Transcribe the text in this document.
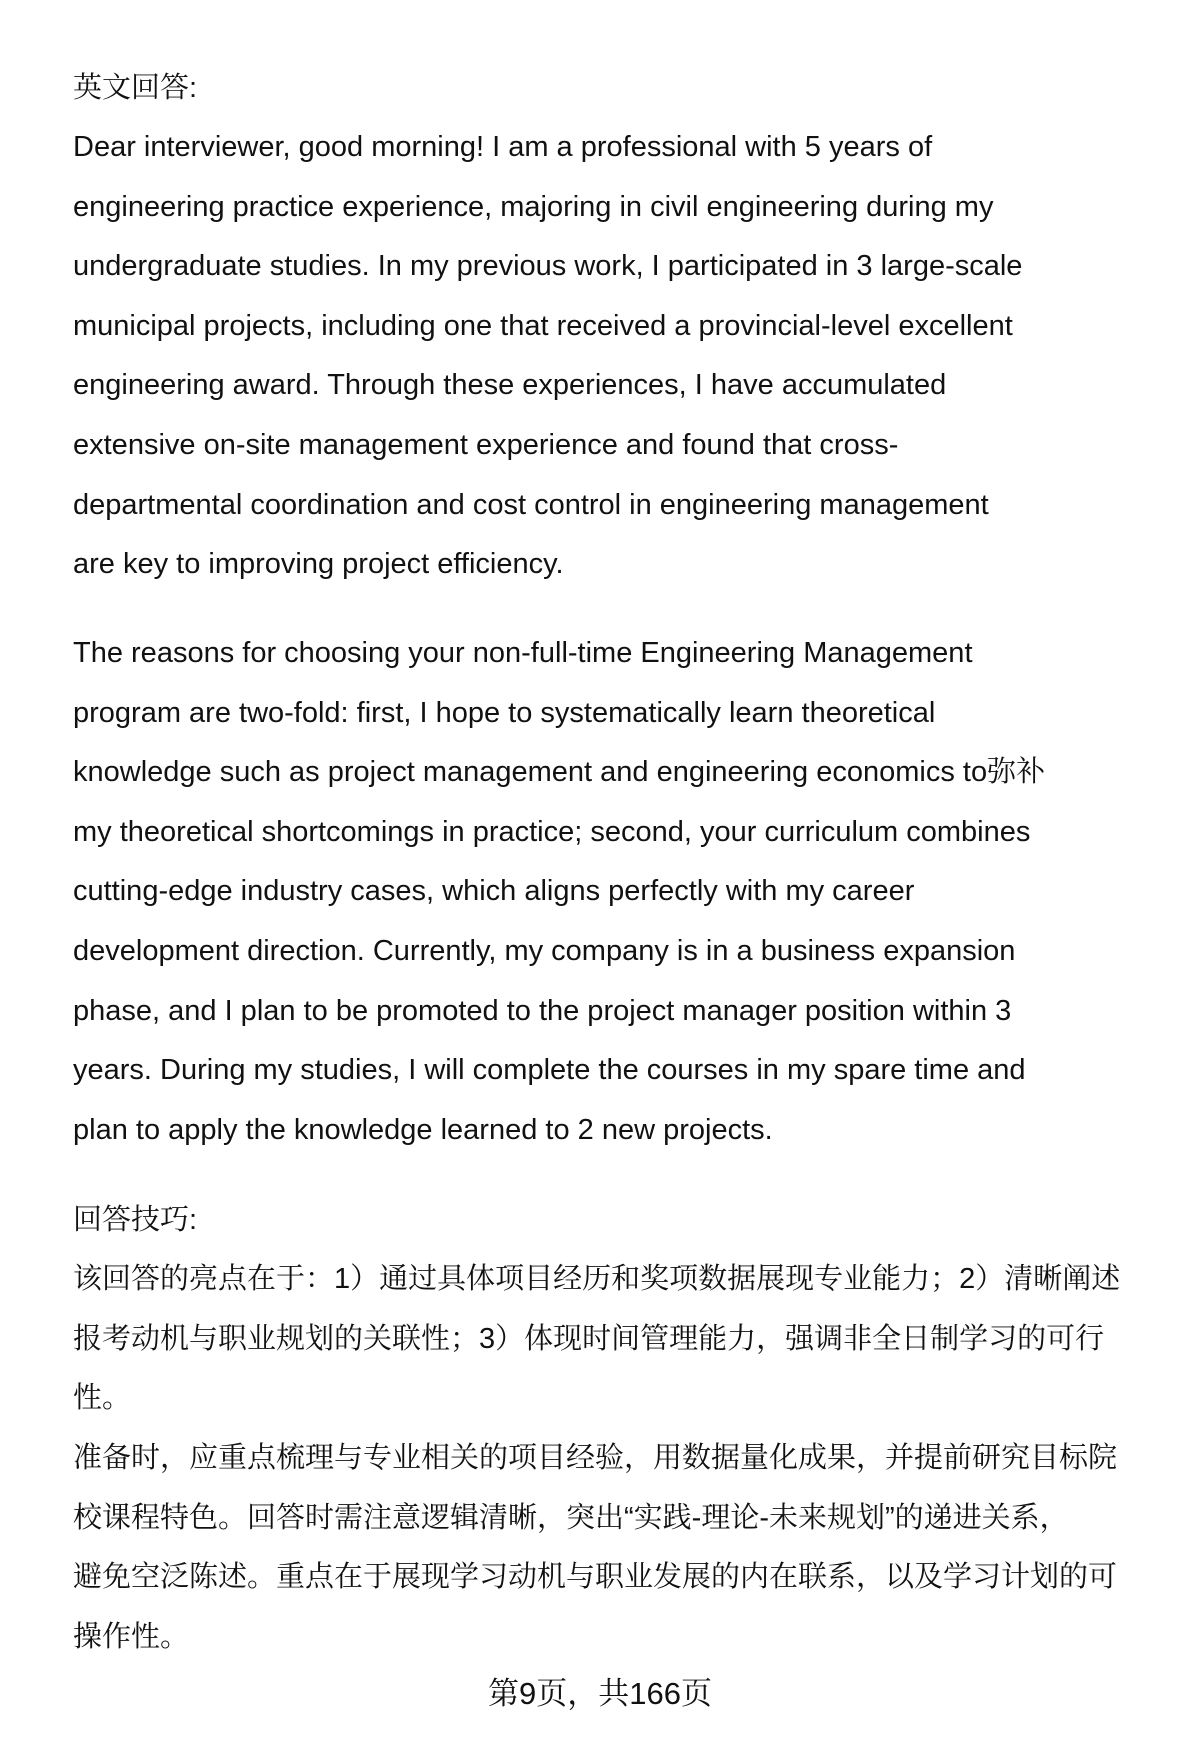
英文回答:
Dear interviewer, good morning! I am a professional with 5 years of
engineering practice experience, majoring in civil engineering during my
undergraduate studies. In my previous work, I participated in 3 large-scale
municipal projects, including one that received a provincial-level excellent
engineering award. Through these experiences, I have accumulated
extensive on-site management experience and found that cross-
departmental coordination and cost control in engineering management
are key to improving project efficiency.
The reasons for choosing your non-full-time Engineering Management
program are two-fold: first, I hope to systematically learn theoretical
knowledge such as project management and engineering economics to弥补
my theoretical shortcomings in practice; second, your curriculum combines
cutting-edge industry cases, which aligns perfectly with my career
development direction. Currently, my company is in a business expansion
phase, and I plan to be promoted to the project manager position within 3
years. During my studies, I will complete the courses in my spare time and
plan to apply the knowledge learned to 2 new projects.
回答技巧:
该回答的亮点在于：1）通过具体项目经历和奖项数据展现专业能力；2）清晰阐述
报考动机与职业规划的关联性；3）体现时间管理能力，强调非全日制学习的可行
性。
准备时，应重点梳理与专业相关的项目经验，用数据量化成果，并提前研究目标院
校课程特色。回答时需注意逻辑清晰，突出“实践-理论-未来规划”的递进关系，
避免空泛陈述。重点在于展现学习动机与职业发展的内在联系，以及学习计划的可
操作性。
第9页，共166页
